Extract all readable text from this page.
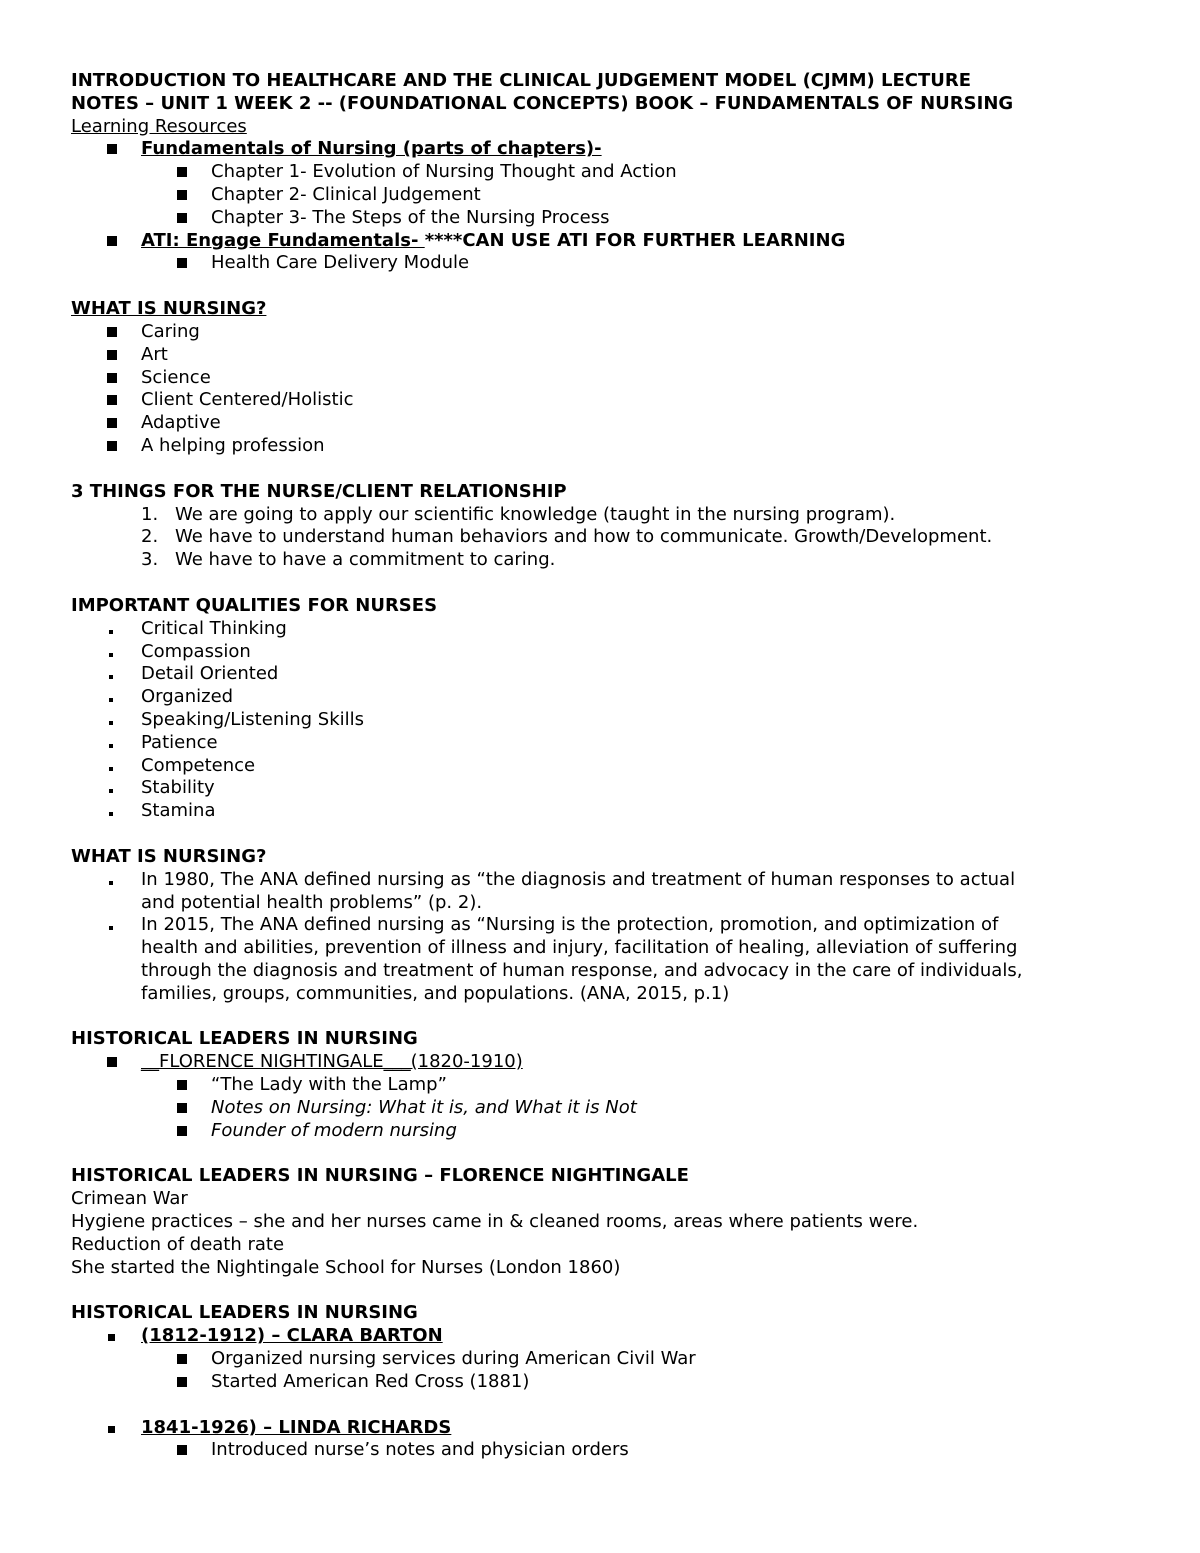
INTRODUCTION TO HEALTHCARE AND THE CLINICAL JUDGEMENT MODEL (CJMM) LECTURE

NOTES – UNIT 1 WEEK 2 -- (FOUNDATIONAL CONCEPTS) BOOK – FUNDAMENTALS OF NURSING

Learning Resources

Fundamentals of Nursing (parts of chapters)-
Chapter 1- Evolution of Nursing Thought and Action
Chapter 2- Clinical Judgement
Chapter 3- The Steps of the Nursing Process
ATI: Engage Fundamentals- ****CAN USE ATI FOR FURTHER LEARNING
Health Care Delivery Module

WHAT IS NURSING?

Caring
Art
Science
Client Centered/Holistic
Adaptive
A helping profession

3 THINGS FOR THE NURSE/CLIENT RELATIONSHIP

1. We are going to apply our scientific knowledge (taught in the nursing program).
2. We have to understand human behaviors and how to communicate. Growth/Development.
3. We have to have a commitment to caring.

IMPORTANT QUALITIES FOR NURSES

Critical Thinking
Compassion
Detail Oriented
Organized
Speaking/Listening Skills
Patience
Competence
Stability
Stamina

WHAT IS NURSING?

In 1980, The ANA defined nursing as “the diagnosis and treatment of human responses to actual
and potential health problems” (p. 2).
In 2015, The ANA defined nursing as “Nursing is the protection, promotion, and optimization of
health and abilities, prevention of illness and injury, facilitation of healing, alleviation of suffering
through the diagnosis and treatment of human response, and advocacy in the care of individuals,
families, groups, communities, and populations. (ANA, 2015, p.1)

HISTORICAL LEADERS IN NURSING

__FLORENCE NIGHTINGALE___(1820-1910)
“The Lady with the Lamp”
Notes on Nursing: What it is, and What it is Not
Founder of modern nursing

HISTORICAL LEADERS IN NURSING – FLORENCE NIGHTINGALE

Crimean War

Hygiene practices – she and her nurses came in & cleaned rooms, areas where patients were.

Reduction of death rate

She started the Nightingale School for Nurses (London 1860)

HISTORICAL LEADERS IN NURSING

(1812-1912) – CLARA BARTON
Organized nursing services during American Civil War
Started American Red Cross (1881)
1841-1926) – LINDA RICHARDS
Introduced nurse’s notes and physician orders
